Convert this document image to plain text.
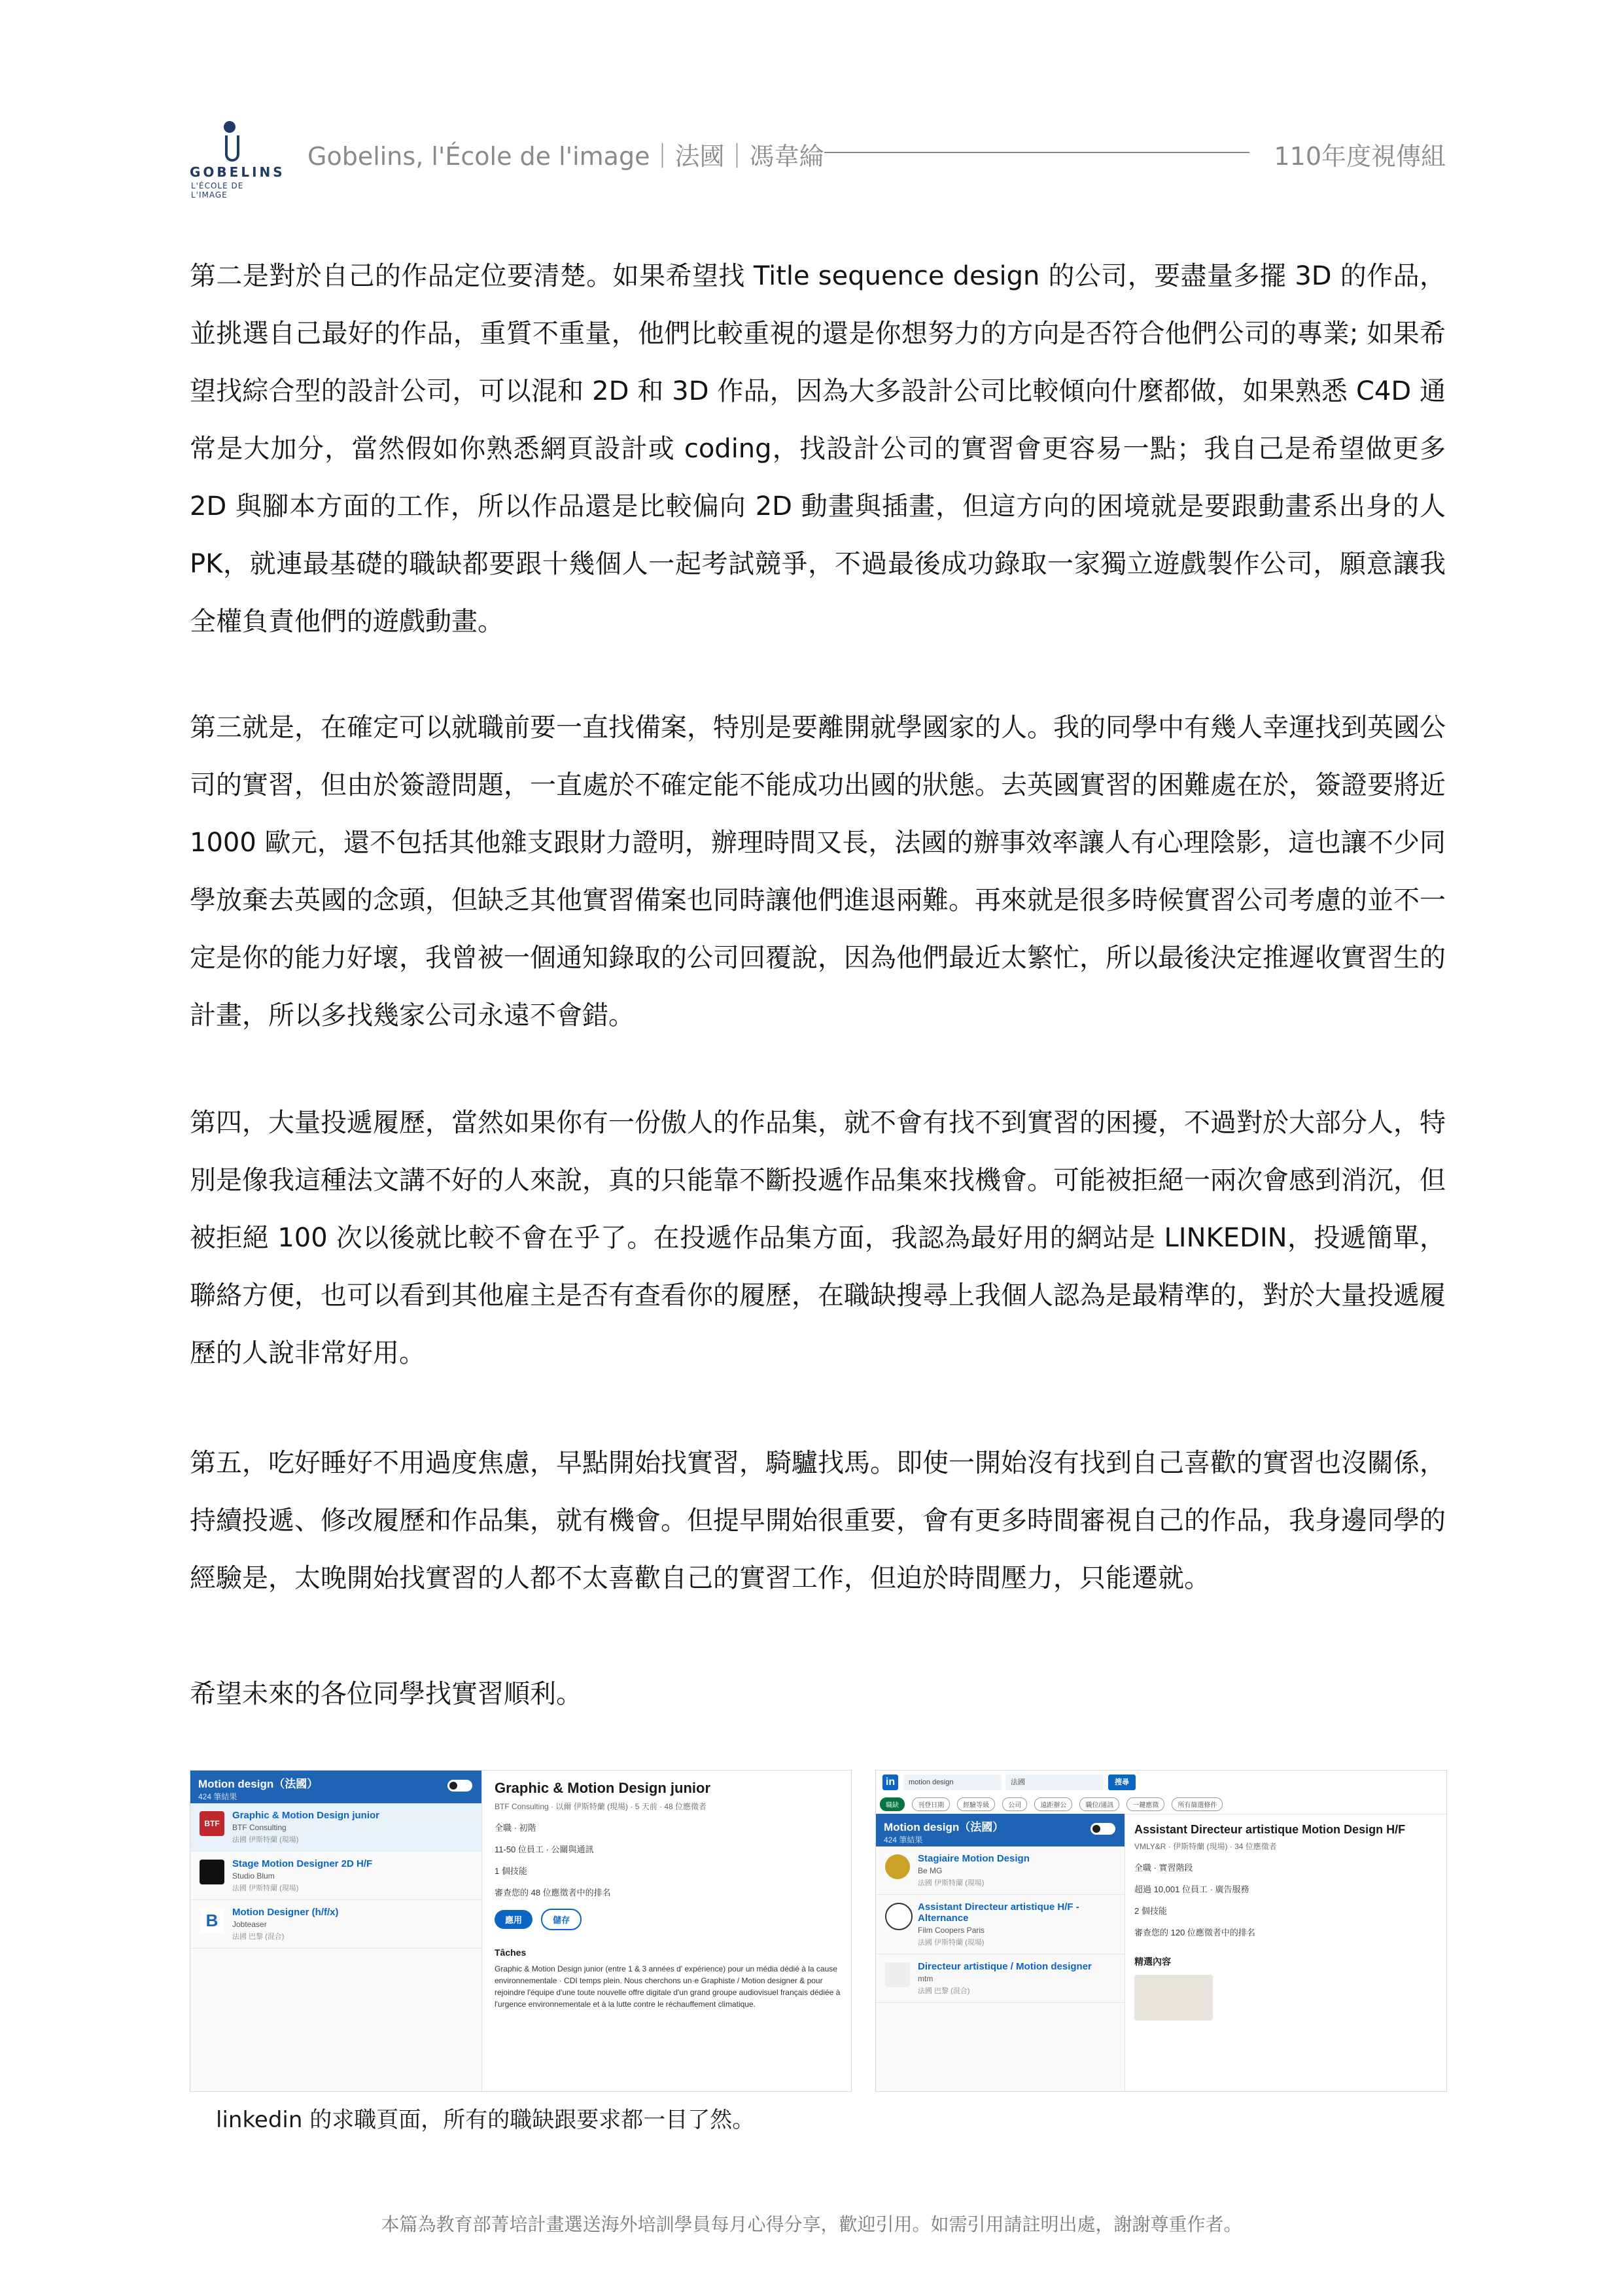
GOBELINS
L'ÉCOLE DE L'IMAGE
Gobelins, l'École de l'image｜法國｜馮韋綸	110年度視傳組
第二是對於自己的作品定位要清楚。如果希望找 Title sequence design 的公司，要盡量多擺 3D 的作品，並挑選自己最好的作品，重質不重量，他們比較重視的還是你想努力的方向是否符合他們公司的專業; 如果希望找綜合型的設計公司，可以混和 2D 和 3D 作品，因為大多設計公司比較傾向什麼都做，如果熟悉 C4D 通常是大加分，當然假如你熟悉網頁設計或 coding，找設計公司的實習會更容易一點；我自己是希望做更多 2D 與腳本方面的工作，所以作品還是比較偏向 2D 動畫與插畫，但這方向的困境就是要跟動畫系出身的人PK，就連最基礎的職缺都要跟十幾個人一起考試競爭，不過最後成功錄取一家獨立遊戲製作公司，願意讓我全權負責他們的遊戲動畫。
第三就是，在確定可以就職前要一直找備案，特別是要離開就學國家的人。我的同學中有幾人幸運找到英國公司的實習，但由於簽證問題，一直處於不確定能不能成功出國的狀態。去英國實習的困難處在於，簽證要將近 1000 歐元，還不包括其他雜支跟財力證明，辦理時間又長，法國的辦事效率讓人有心理陰影，這也讓不少同學放棄去英國的念頭，但缺乏其他實習備案也同時讓他們進退兩難。再來就是很多時候實習公司考慮的並不一定是你的能力好壞，我曾被一個通知錄取的公司回覆說，因為他們最近太繁忙，所以最後決定推遲收實習生的計畫，所以多找幾家公司永遠不會錯。
第四，大量投遞履歷，當然如果你有一份傲人的作品集，就不會有找不到實習的困擾，不過對於大部分人，特別是像我這種法文講不好的人來說，真的只能靠不斷投遞作品集來找機會。可能被拒絕一兩次會感到消沉，但被拒絕 100 次以後就比較不會在乎了。在投遞作品集方面，我認為最好用的網站是 LINKEDIN，投遞簡單，聯絡方便，也可以看到其他雇主是否有查看你的履歷，在職缺搜尋上我個人認為是最精準的，對於大量投遞履歷的人說非常好用。
第五，吃好睡好不用過度焦慮，早點開始找實習，騎驢找馬。即使一開始沒有找到自己喜歡的實習也沒關係，持續投遞、修改履歷和作品集，就有機會。但提早開始很重要，會有更多時間審視自己的作品，我身邊同學的經驗是，太晚開始找實習的人都不太喜歡自己的實習工作，但迫於時間壓力，只能遷就。
希望未來的各位同學找實習順利。
Motion design（法國）
424 筆結果
BTF
Graphic & Motion Design junior
BTF Consulting
法國 伊斯特蘭 (現場)
Stage Motion Designer 2D H/F
Studio Blum
法國 伊斯特蘭 (現場)
B	Motion Designer (h/f/x)
Jobteaser
法國 巴黎 (混合)
Graphic & Motion Design junior
BTF Consulting · 以爾 伊斯特蘭 (現場) · 5 天前 · 48 位應徵者
全職 · 初階
11-50 位員工 · 公關與通訊
1 個技能
審查您的 48 位應徵者中的排名
應用	儲存
Tâches
Graphic & Motion Design junior (entre 1 & 3 années d' expérience) pour un média dédié à la cause environnementale · CDI temps plein. Nous cherchons un·e Graphiste / Motion designer & pour rejoindre l'équipe d'une toute nouvelle offre digitale d'un grand groupe audiovisuel français dédiée à l'urgence environnementale et à la lutte contre le réchauffement climatique.
in	motion design	法國	搜尋
職缺	刊登日期	經驗等級	公司	遠距辦公	職位/通訊	一鍵應徵	所有篩選條件
Motion design（法國）
424 筆結果
Stagiaire Motion Design
Be MG
法國 伊斯特蘭 (現場)
Assistant Directeur artistique H/F - Alternance
Film Coopers Paris
法國 伊斯特蘭 (現場)
Directeur artistique / Motion designer
mtm
法國 巴黎 (混合)
Assistant Directeur artistique Motion Design H/F
VMLY&R · 伊斯特蘭 (現場) · 34 位應徵者
全職 · 實習階段
超過 10,001 位員工 · 廣告服務
2 個技能
審查您的 120 位應徵者中的排名
精選內容
linkedin 的求職頁面，所有的職缺跟要求都一目了然。
本篇為教育部菁培計畫選送海外培訓學員每月心得分享，歡迎引用。如需引用請註明出處，謝謝尊重作者。
